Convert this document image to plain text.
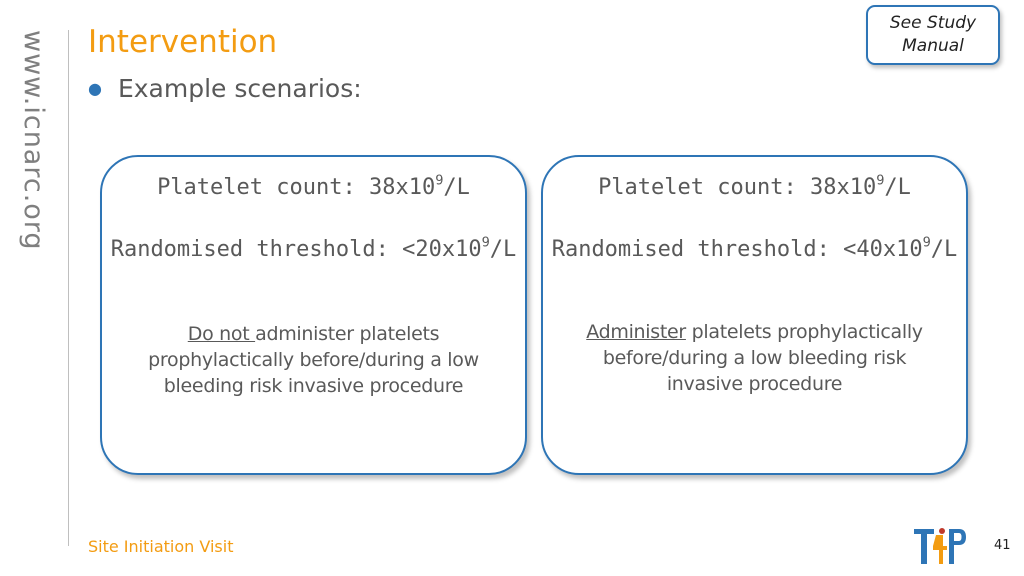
www.icnarc.org Intervention
● Example scenarios:
See Study
Manual
Platelet count: $38x10^9/L$
Randomised threshold: $<20x10^9/L$
Do not administer platelets prophylactically before/during a low bleeding risk invasive procedure
Platelet count: $38x10^9/L$
Randomised threshold: $<40x10^9/L$
Administer platelets prophylactically before/during a low bleeding risk invasive procedure
Site Initiation Visit	41
